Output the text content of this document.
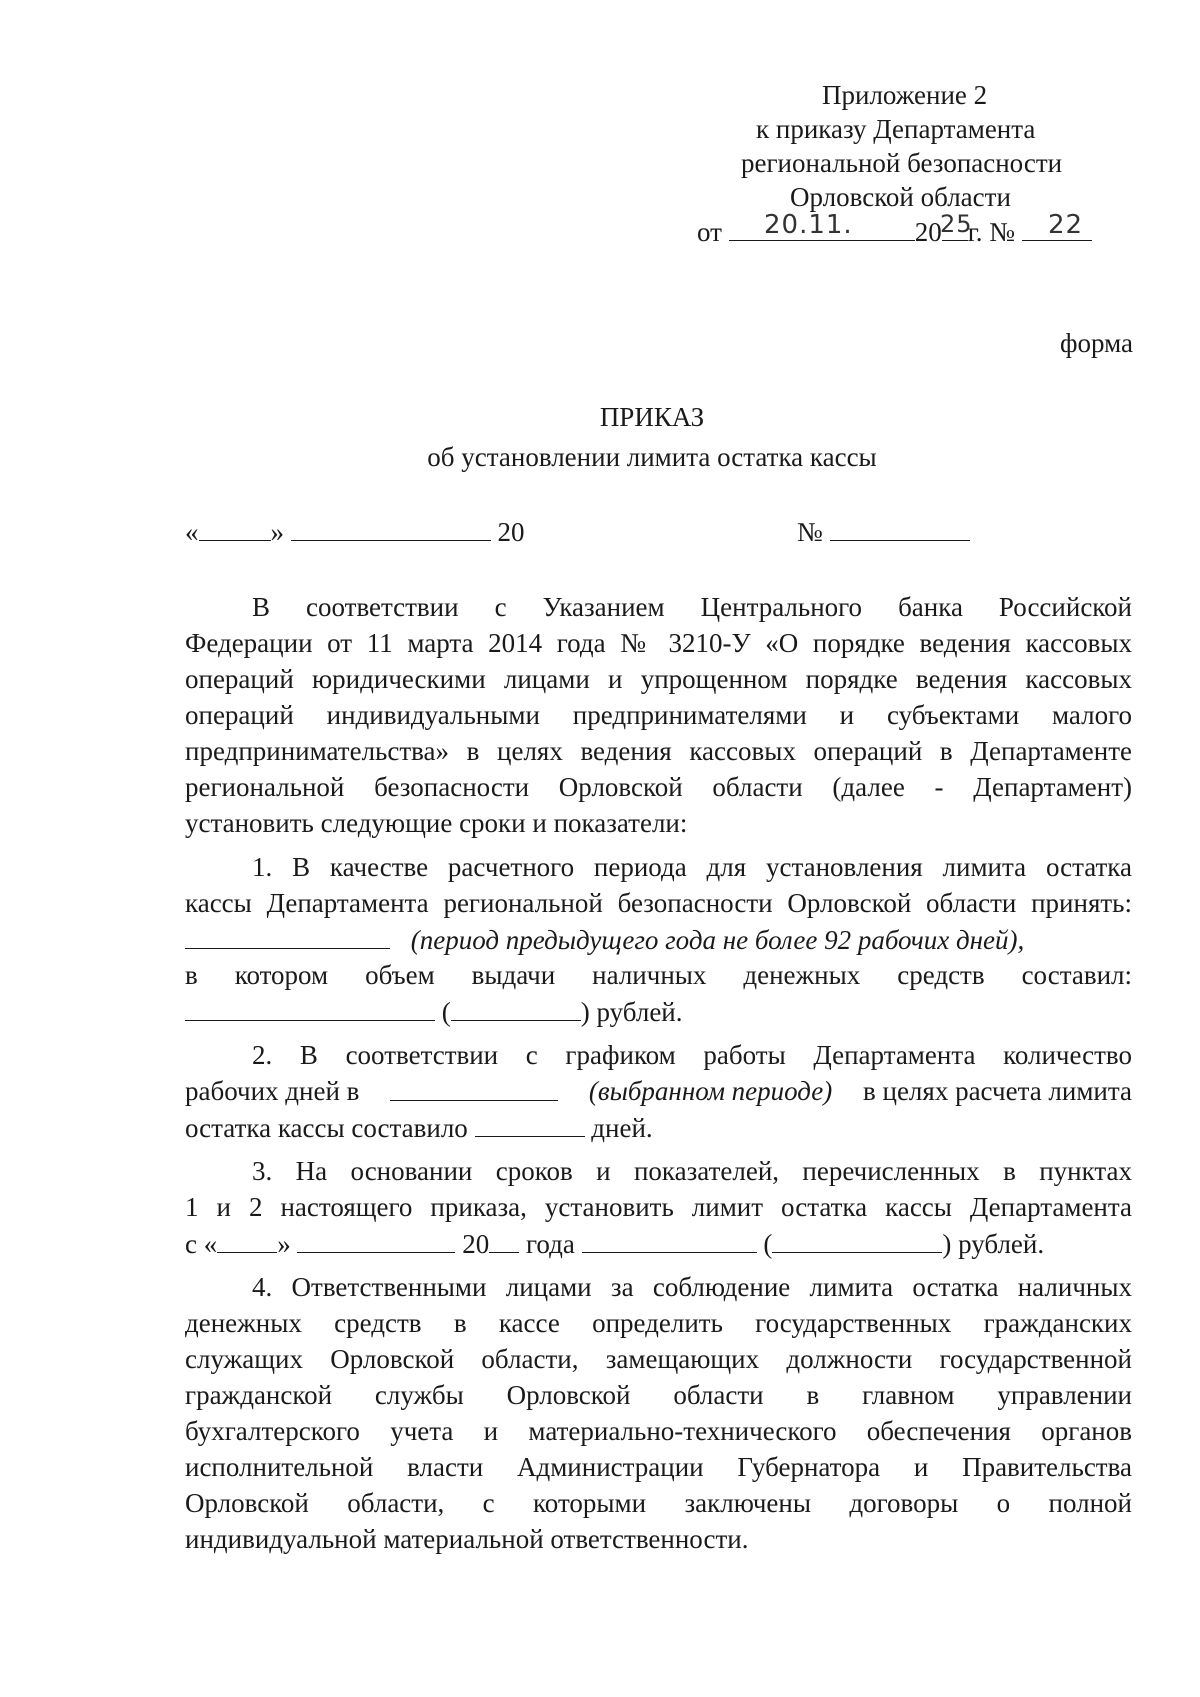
Приложение 2
к приказу Департамента
региональной безопасности
Орловской области
от	20 г. №
20.11.	25	22
форма
ПРИКАЗ
об установлении лимита остатка кассы
«	»	20	№
В соответствии с Указанием Центрального банка Российской
Федерации от 11 марта 2014 года № 3210-У «О порядке ведения кассовых
операций юридическими лицами и упрощенном порядке ведения кассовых
операций индивидуальными предпринимателями и субъектами малого
предпринимательства» в целях ведения кассовых операций в Департаменте
региональной безопасности Орловской области (далее - Департамент)
установить следующие сроки и показатели:
1. В качестве расчетного периода для установления лимита остатка
кассы Департамента региональной безопасности Орловской области принять:
(период предыдущего года не более 92 рабочих дней),
в котором объем выдачи наличных денежных средств составил:
(	) рублей.
2. В соответствии с графиком работы Департамента количество
рабочих дней в	(выбранном периоде) в целях расчета лимита
остатка кассы составило	дней.
3. На основании сроков и показателей, перечисленных в пунктах
1 и 2 настоящего приказа, установить лимит остатка кассы Департамента
с « »	20 года	(	) рублей.
4. Ответственными лицами за соблюдение лимита остатка наличных
денежных средств в кассе определить государственных гражданских
служащих Орловской области, замещающих должности государственной
гражданской службы Орловской области в главном управлении
бухгалтерского учета и материально-технического обеспечения органов
исполнительной власти Администрации Губернатора и Правительства
Орловской области, с которыми заключены договоры о полной
индивидуальной материальной ответственности.
